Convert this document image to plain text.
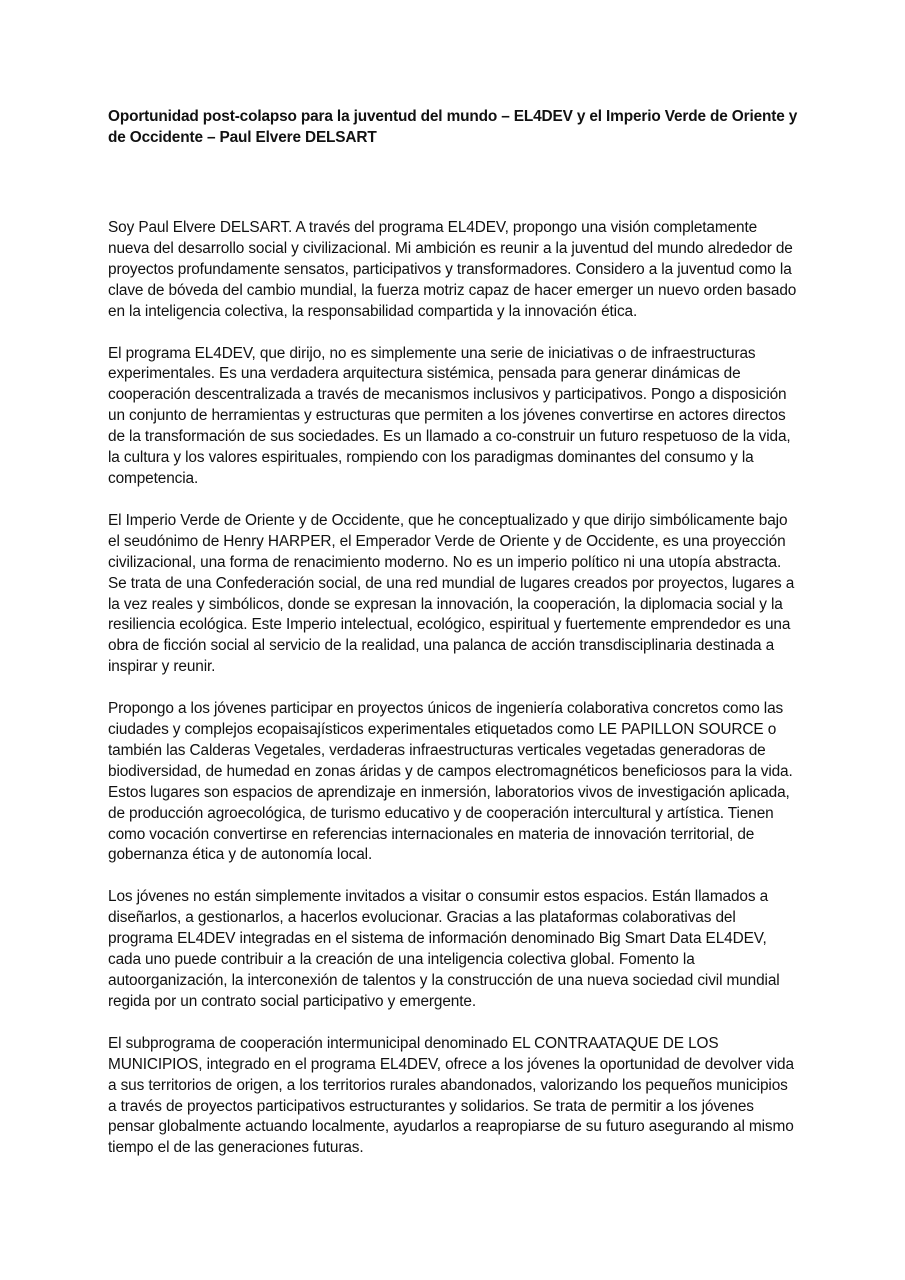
Oportunidad post-colapso para la juventud del mundo – EL4DEV y el Imperio Verde de Oriente y de Occidente – Paul Elvere DELSART

Soy Paul Elvere DELSART. A través del programa EL4DEV, propongo una visión completamente nueva del desarrollo social y civilizacional. Mi ambición es reunir a la juventud del mundo alrededor de proyectos profundamente sensatos, participativos y transformadores. Considero a la juventud como la clave de bóveda del cambio mundial, la fuerza motriz capaz de hacer emerger un nuevo orden basado en la inteligencia colectiva, la responsabilidad compartida y la innovación ética.

El programa EL4DEV, que dirijo, no es simplemente una serie de iniciativas o de infraestructuras experimentales. Es una verdadera arquitectura sistémica, pensada para generar dinámicas de cooperación descentralizada a través de mecanismos inclusivos y participativos. Pongo a disposición un conjunto de herramientas y estructuras que permiten a los jóvenes convertirse en actores directos de la transformación de sus sociedades. Es un llamado a co-construir un futuro respetuoso de la vida, la cultura y los valores espirituales, rompiendo con los paradigmas dominantes del consumo y la competencia.

El Imperio Verde de Oriente y de Occidente, que he conceptualizado y que dirijo simbólicamente bajo el seudónimo de Henry HARPER, el Emperador Verde de Oriente y de Occidente, es una proyección civilizacional, una forma de renacimiento moderno. No es un imperio político ni una utopía abstracta. Se trata de una Confederación social, de una red mundial de lugares creados por proyectos, lugares a la vez reales y simbólicos, donde se expresan la innovación, la cooperación, la diplomacia social y la resiliencia ecológica. Este Imperio intelectual, ecológico, espiritual y fuertemente emprendedor es una obra de ficción social al servicio de la realidad, una palanca de acción transdisciplinaria destinada a inspirar y reunir.

Propongo a los jóvenes participar en proyectos únicos de ingeniería colaborativa concretos como las ciudades y complejos ecopaisajísticos experimentales etiquetados como LE PAPILLON SOURCE o también las Calderas Vegetales, verdaderas infraestructuras verticales vegetadas generadoras de biodiversidad, de humedad en zonas áridas y de campos electromagnéticos beneficiosos para la vida. Estos lugares son espacios de aprendizaje en inmersión, laboratorios vivos de investigación aplicada, de producción agroecológica, de turismo educativo y de cooperación intercultural y artística. Tienen como vocación convertirse en referencias internacionales en materia de innovación territorial, de gobernanza ética y de autonomía local.

Los jóvenes no están simplemente invitados a visitar o consumir estos espacios. Están llamados a diseñarlos, a gestionarlos, a hacerlos evolucionar. Gracias a las plataformas colaborativas del programa EL4DEV integradas en el sistema de información denominado Big Smart Data EL4DEV, cada uno puede contribuir a la creación de una inteligencia colectiva global. Fomento la autoorganización, la interconexión de talentos y la construcción de una nueva sociedad civil mundial regida por un contrato social participativo y emergente.

El subprograma de cooperación intermunicipal denominado EL CONTRAATAQUE DE LOS MUNICIPIOS, integrado en el programa EL4DEV, ofrece a los jóvenes la oportunidad de devolver vida a sus territorios de origen, a los territorios rurales abandonados, valorizando los pequeños municipios a través de proyectos participativos estructurantes y solidarios. Se trata de permitir a los jóvenes pensar globalmente actuando localmente, ayudarlos a reapropiarse de su futuro asegurando al mismo tiempo el de las generaciones futuras.
